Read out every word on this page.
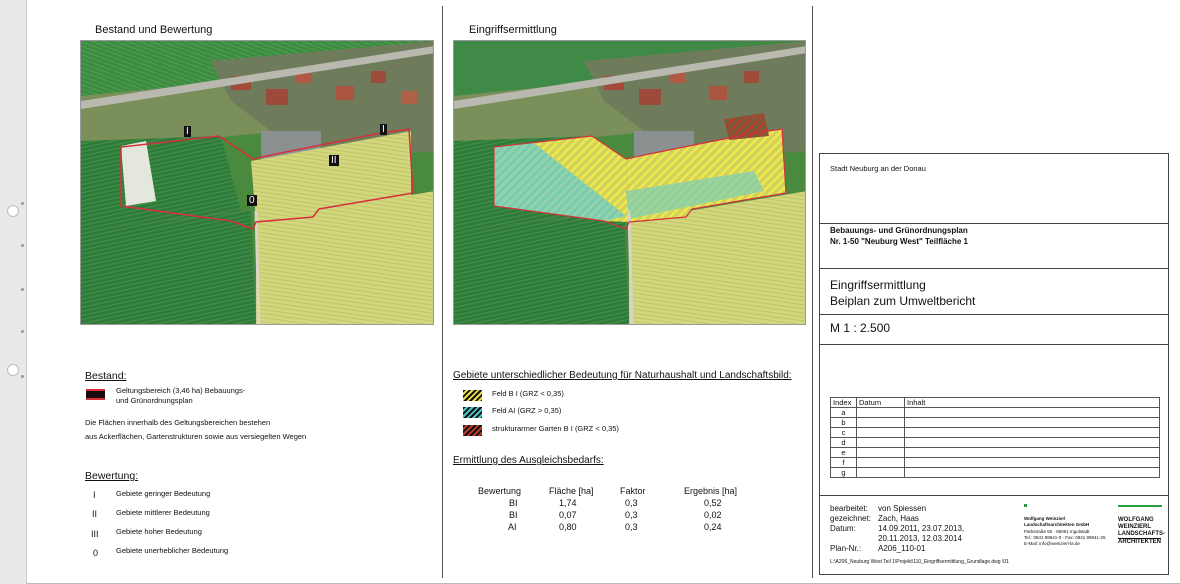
Bestand und Bewertung
I	I
II
0
Bestand:
Geltungsbereich (3,46 ha) Bebauungs-
und Grünordnungsplan
Die Flächen innerhalb des Geltungsbereichen bestehen
aus Ackerflächen, Gartenstrukturen sowie aus versiegelten Wegen
Bewertung:
I	Gebiete geringer Bedeutung
II	Gebiete mittlerer Bedeutung
III Gebiete hoher Bedeutung
0 Gebiete unerheblicher Bedeutung
Eingriffsermittlung
Gebiete unterschiedlicher Bedeutung für Naturhaushalt und Landschaftsbild:
Feld B I (GRZ < 0,35)
Feld AI (GRZ > 0,35)
strukturarmer Garten B I (GRZ < 0,35)
Ermittlung des Ausgleichsbedarfs:
Bewertung	Fläche [ha]	Faktor	Ergebnis [ha]
BI	1,74	0,3	0,52
BI	0,07	0,3	0,02
AI	0,80	0,3	0,24
Stadt Neuburg an der Donau
Bebauungs- und Grünordnungsplan
Nr. 1-50 "Neuburg West" Teilfläche 1
Eingriffsermittlung
Beiplan zum Umweltbericht
M 1 : 2.500
Index	Datum	Inhalt
a		
b		
c		
d		
e		
f		
g		
bearbeitet: von Spiessen
gezeichnet: Zach, Haas
Datum:	14.09.2011, 23.07.2013,
20.11.2013, 12.03.2014
Plan-Nr.: A206_110-01
Wolfgang Weinzierl
Landschaftsarchitekten GmbH
Parkstraße 50 · 85051 Ingolstadt
Tel.: 0841 99941-0 · Fax: 0841 99941-25
E-Mail: info@weinzierl-la.de
WOLFGANG
WEINZIERL
LANDSCHAFTS-
ARCHITEKTEN
L:\A206_Neuburg West Teil 1\Projekt\110_Eingriffsermittlung_Grundlage.dwg \01
